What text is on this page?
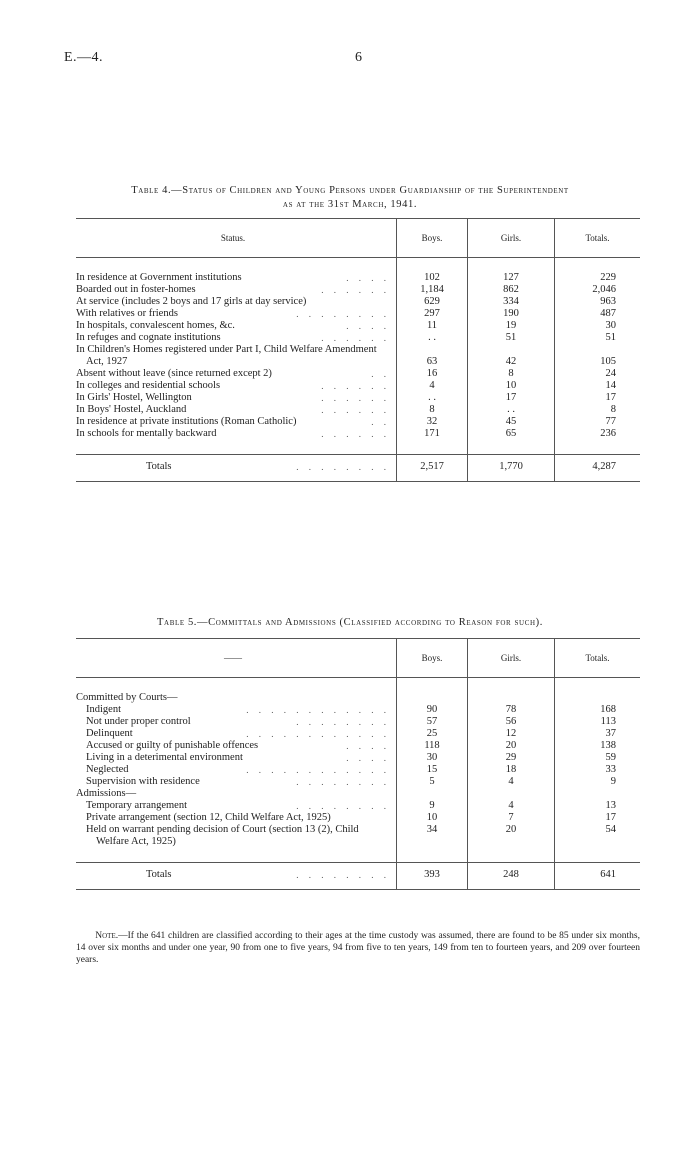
E.—4.	6
Table 4.—Status of Children and Young Persons under Guardianship of the Superintendent
as at the 31st March, 1941.
Status.	Boys.	Girls.	Totals.

In residence at Government institutions . . . .	102	127	229

Boarded out in foster-homes . . . . . .	1,184	862	2,046

At service (includes 2 boys and 17 girls at day service)	629	334	963

With relatives or friends . . . . . . . .	297	190	487

In hospitals, convalescent homes, &c. . . . .	11	19	30

In refuges and cognate institutions . . . . . .	. .	51	51

In Children's Homes registered under Part I, Child Welfare Amendment Act, 1927	63	42	105

Absent without leave (since returned except 2) . .	16	8	24

In colleges and residential schools . . . . . .	4	10	14

In Girls' Hostel, Wellington . . . . . .	. .	17	17

In Boys' Hostel, Auckland . . . . . .	8	. .	8

In residence at private institutions (Roman Catholic) . .	32	45	77

In schools for mentally backward . . . . . .	171	65	236

Totals . . . . . . . .	2,517	1,770	4,287
Table 5.—Committals and Admissions (Classified according to Reason for such).
——	Boys.	Girls.	Totals.

Committed by Courts—			

Indigent . . . . . . . . . . . .	90	78	168

Not under proper control . . . . . . . .	57	56	113

Delinquent . . . . . . . . . . . .	25	12	37

Accused or guilty of punishable offences . . . .	118	20	138

Living in a deterimental environment . . . .	30	29	59

Neglected . . . . . . . . . . . .	15	18	33

Supervision with residence . . . . . . . .	5	4	9
Admissions—			

Temporary arrangement . . . . . . . .	9	4	13

Private arrangement (section 12, Child Welfare Act, 1925)	10	7	17

Held on warrant pending decision of Court (section 13 (2), Child Welfare Act, 1925)	34	20	54

Totals . . . . . . . .	393	248	641
Note.—If the 641 children are classified according to their ages at the time custody was assumed, there are found to be 85 under six months, 14 over six months and under one year, 90 from one to five years, 94 from five to ten years, 149 from ten to fourteen years, and 209 over fourteen years.
